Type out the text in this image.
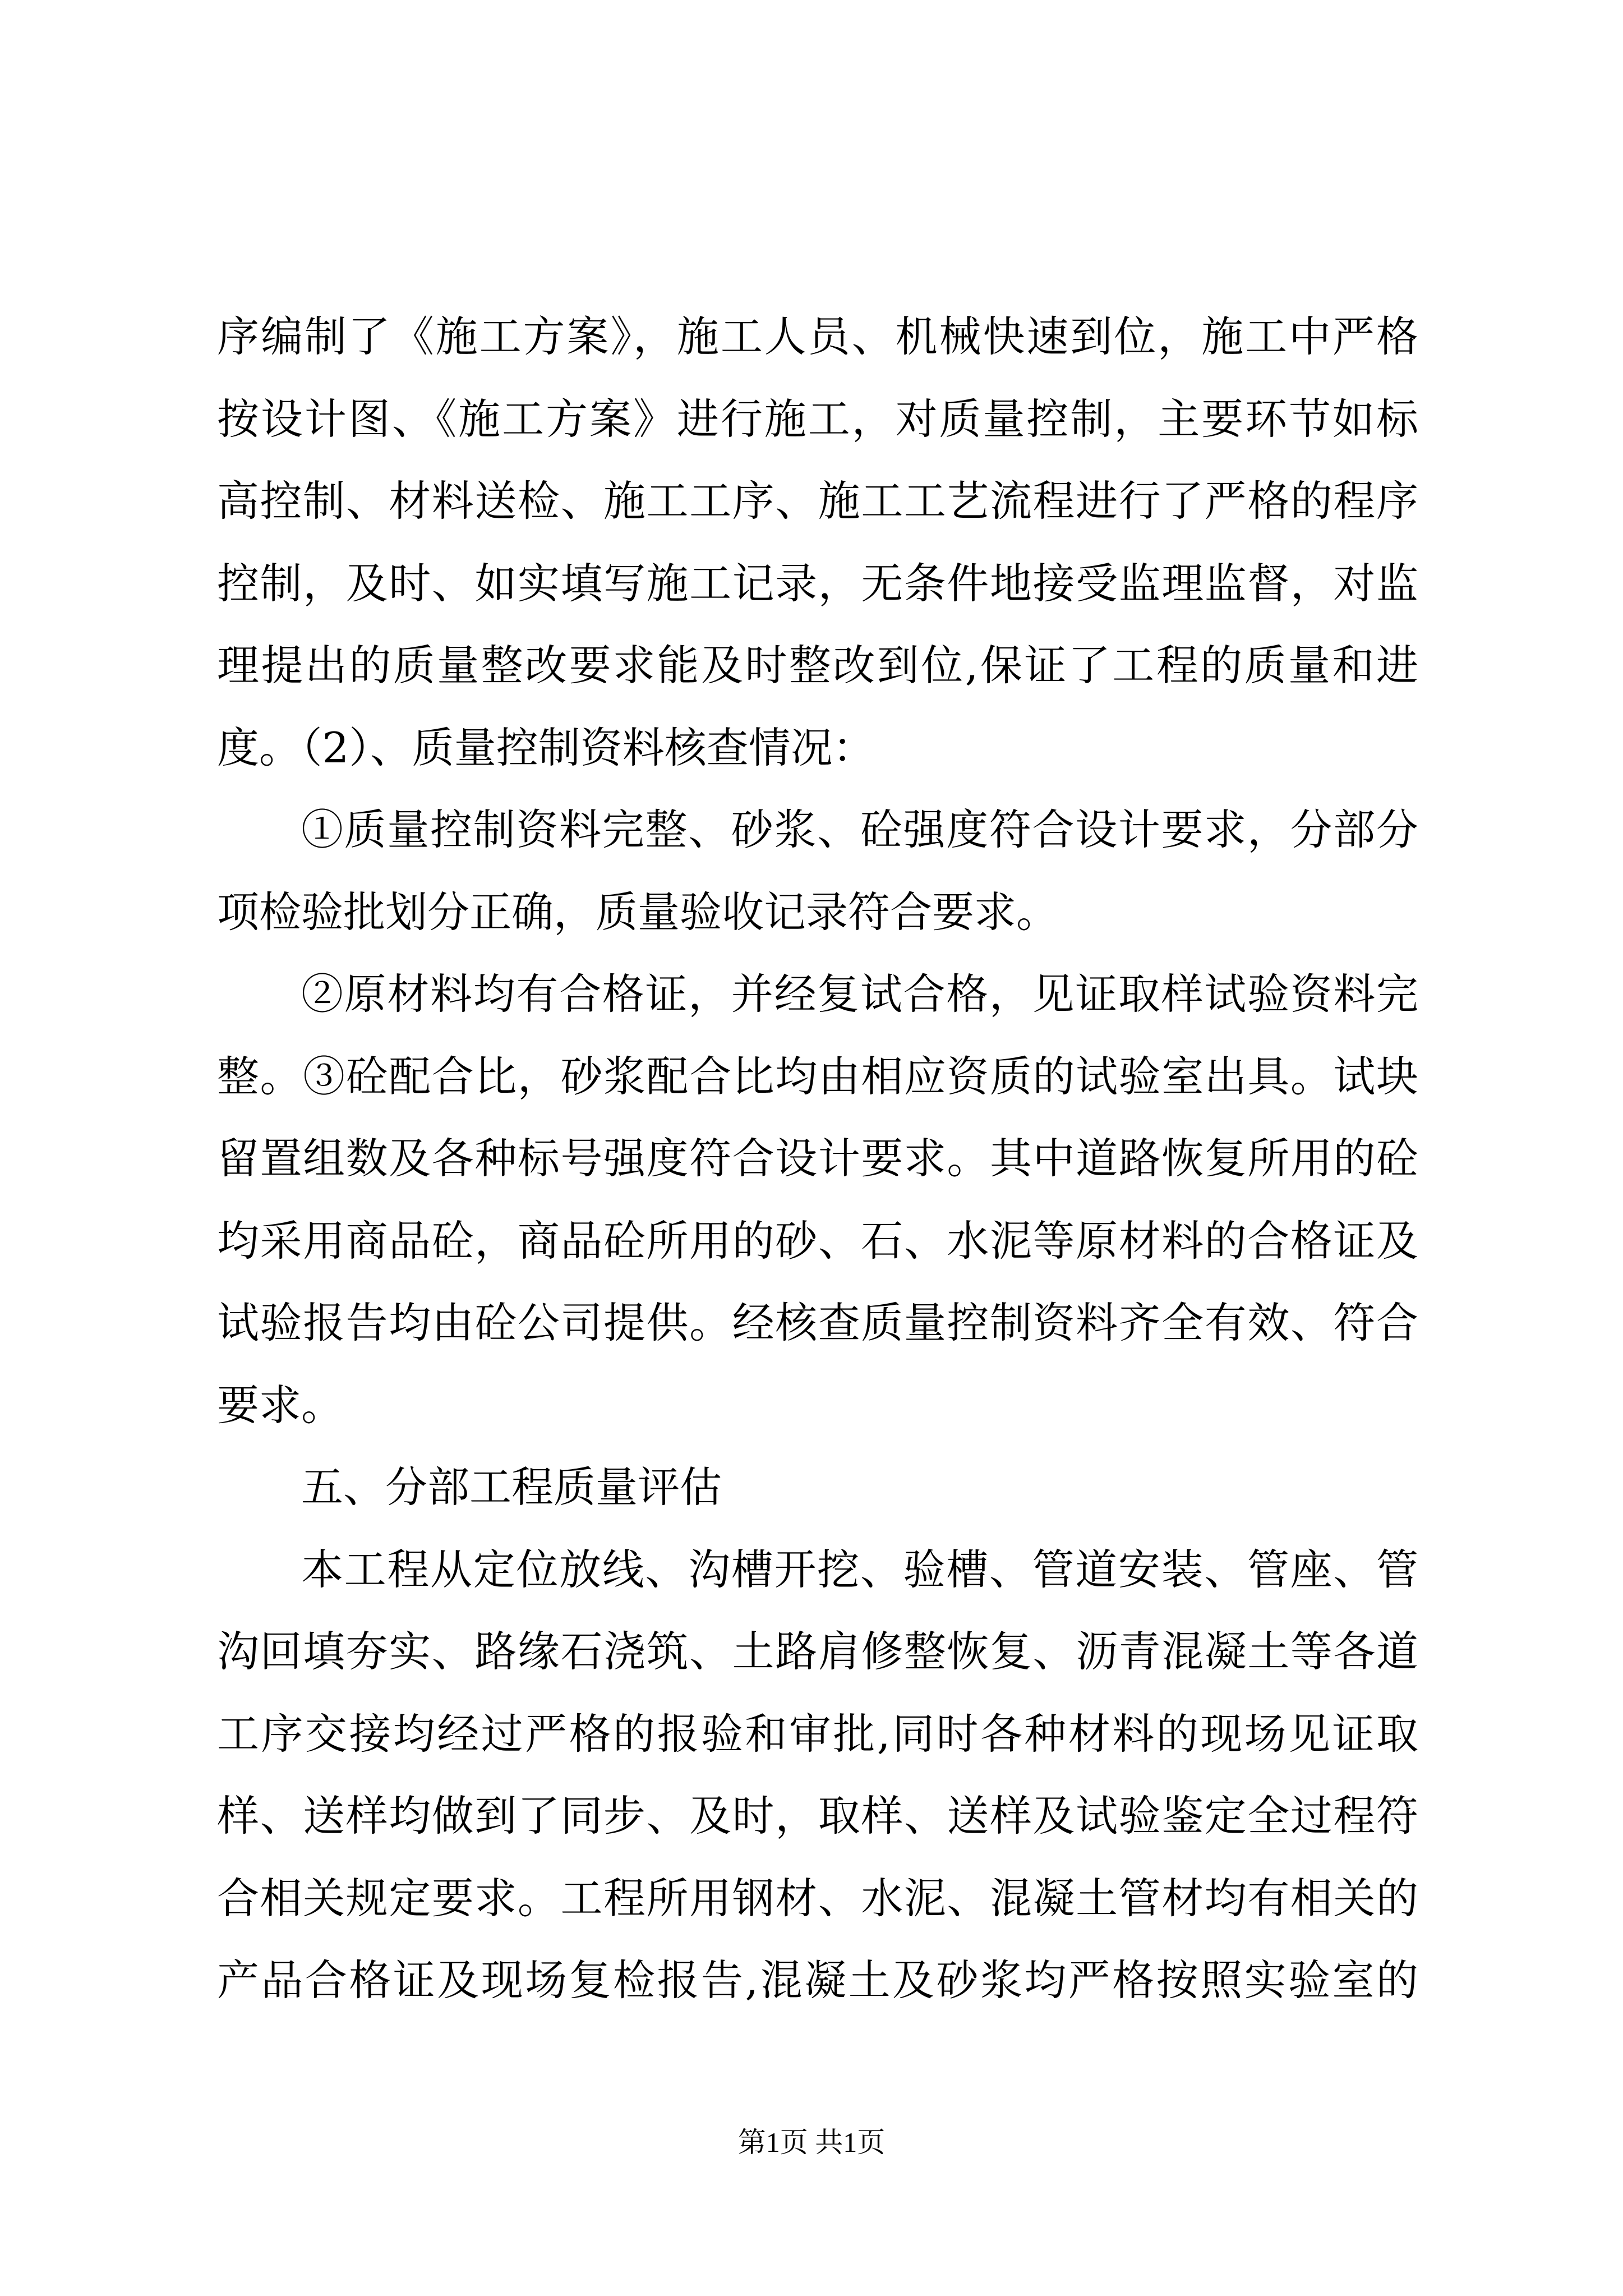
序编制了《施工方案》，施工人员、机械快速到位，施工中严格
按设计图、《施工方案》进行施工，对质量控制，主要环节如标
高控制、材料送检、施工工序、施工工艺流程进行了严格的程序
控制，及时、如实填写施工记录，无条件地接受监理监督，对监
理提出的质量整改要求能及时整改到位,保证了工程的质量和进
度。（2）、质量控制资料核查情况：
①质量控制资料完整、砂浆、砼强度符合设计要求，分部分
项检验批划分正确，质量验收记录符合要求。
②原材料均有合格证，并经复试合格，见证取样试验资料完
整。③砼配合比，砂浆配合比均由相应资质的试验室出具。试块
留置组数及各种标号强度符合设计要求。其中道路恢复所用的砼
均采用商品砼，商品砼所用的砂、石、水泥等原材料的合格证及
试验报告均由砼公司提供。经核查质量控制资料齐全有效、符合
要求。
五、分部工程质量评估
本工程从定位放线、沟槽开挖、验槽、管道安装、管座、管
沟回填夯实、路缘石浇筑、土路肩修整恢复、沥青混凝土等各道
工序交接均经过严格的报验和审批,同时各种材料的现场见证取
样、送样均做到了同步、及时，取样、送样及试验鉴定全过程符
合相关规定要求。工程所用钢材、水泥、混凝土管材均有相关的
产品合格证及现场复检报告,混凝土及砂浆均严格按照实验室的
第1页 共1页
